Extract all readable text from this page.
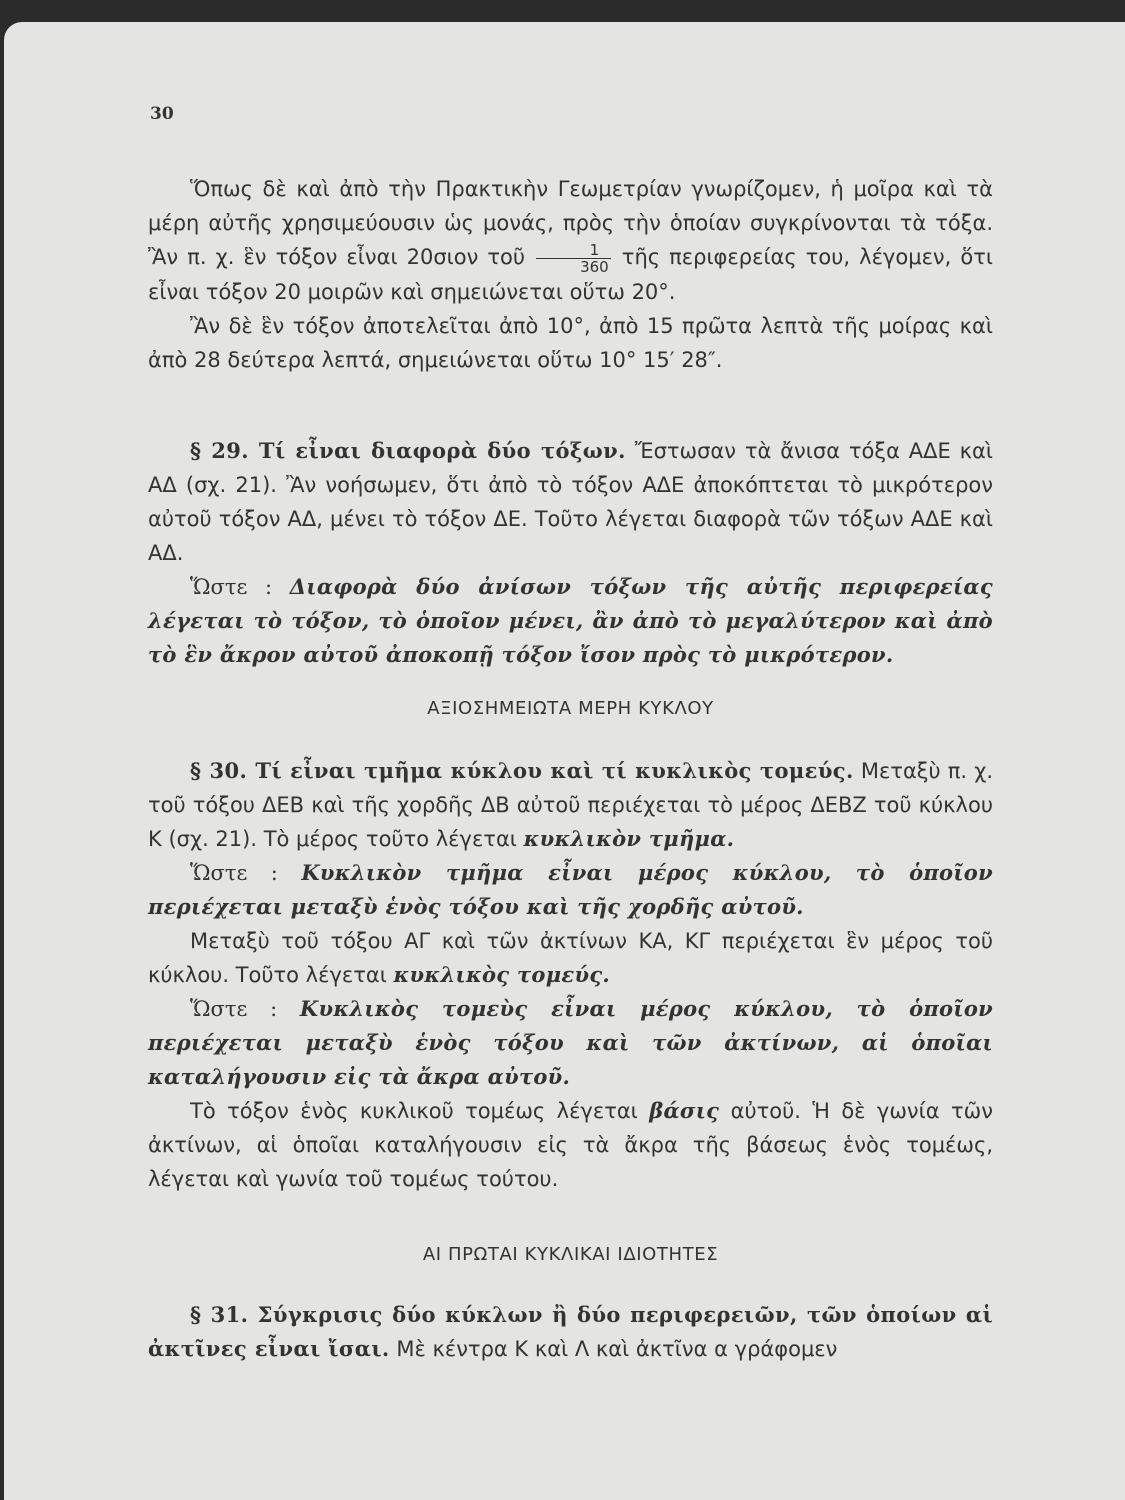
30

Ὅπως δὲ καὶ ἀπὸ τὴν Πρακτικὴν Γεωμετρίαν γνωρίζομεν, ἡ μοῖρα καὶ τὰ μέρη αὐτῆς χρησιμεύουσιν ὡς μονάς, πρὸς τὴν ὁποίαν συγκρίνονται τὰ τόξα. Ἂν π. χ. ἓν τόξον εἶναι 20σιον τοῦ $\frac{1}{360}$ τῆς περιφερείας του, λέγομεν, ὅτι εἶναι τόξον 20 μοιρῶν καὶ σημειώνεται οὕτω 20°.

Ἂν δὲ ἓν τόξον ἀποτελεῖται ἀπὸ 10°, ἀπὸ 15 πρῶτα λεπτὰ τῆς μοίρας καὶ ἀπὸ 28 δεύτερα λεπτά, σημειώνεται οὕτω 10° 15′ 28″.

§ 29. Τί εἶναι διαφορὰ δύο τόξων. Ἔστωσαν τὰ ἄνισα τόξα ΑΔΕ καὶ ΑΔ (σχ. 21). Ἂν νοήσωμεν, ὅτι ἀπὸ τὸ τόξον ΑΔΕ ἀποκόπτεται τὸ μικρότερον αὐτοῦ τόξον ΑΔ, μένει τὸ τόξον ΔΕ. Τοῦτο λέγεται διαφορὰ τῶν τόξων ΑΔΕ καὶ ΑΔ.

Ὥστε : Διαφορὰ δύο ἀνίσων τόξων τῆς αὐτῆς περιφερείας λέγεται τὸ τόξον, τὸ ὁποῖον μένει, ἂν ἀπὸ τὸ μεγαλύτερον καὶ ἀπὸ τὸ ἓν ἄκρον αὐτοῦ ἀποκοπῇ τόξον ἴσον πρὸς τὸ μικρότερον.

ΑΞΙΟΣΗΜΕΙΩΤΑ ΜΕΡΗ ΚΥΚΛΟΥ

§ 30. Τί εἶναι τμῆμα κύκλου καὶ τί κυκλικὸς τομεύς. Μεταξὺ π. χ. τοῦ τόξου ΔΕΒ καὶ τῆς χορδῆς ΔΒ αὐτοῦ περιέχεται τὸ μέρος ΔΕΒΖ τοῦ κύκλου Κ (σχ. 21). Τὸ μέρος τοῦτο λέγεται κυκλικὸν τμῆμα.

Ὥστε : Κυκλικὸν τμῆμα εἶναι μέρος κύκλου, τὸ ὁποῖον περιέχεται μεταξὺ ἑνὸς τόξου καὶ τῆς χορδῆς αὐτοῦ.

Μεταξὺ τοῦ τόξου ΑΓ καὶ τῶν ἀκτίνων ΚΑ, ΚΓ περιέχεται ἓν μέρος τοῦ κύκλου. Τοῦτο λέγεται κυκλικὸς τομεύς.

Ὥστε : Κυκλικὸς τομεὺς εἶναι μέρος κύκλου, τὸ ὁποῖον περιέχεται μεταξὺ ἑνὸς τόξου καὶ τῶν ἀκτίνων, αἱ ὁποῖαι καταλήγουσιν εἰς τὰ ἄκρα αὐτοῦ.

Τὸ τόξον ἑνὸς κυκλικοῦ τομέως λέγεται βάσις αὐτοῦ. Ἡ δὲ γωνία τῶν ἀκτίνων, αἱ ὁποῖαι καταλήγουσιν εἰς τὰ ἄκρα τῆς βάσεως ἑνὸς τομέως, λέγεται καὶ γωνία τοῦ τομέως τούτου.

ΑΙ ΠΡΩΤΑΙ ΚΥΚΛΙΚΑΙ ΙΔΙΟΤΗΤΕΣ

§ 31. Σύγκρισις δύο κύκλων ἢ δύο περιφερειῶν, τῶν ὁποίων αἱ ἀκτῖνες εἶναι ἴσαι. Μὲ κέντρα Κ καὶ Λ καὶ ἀκτῖνα α γράφομεν
